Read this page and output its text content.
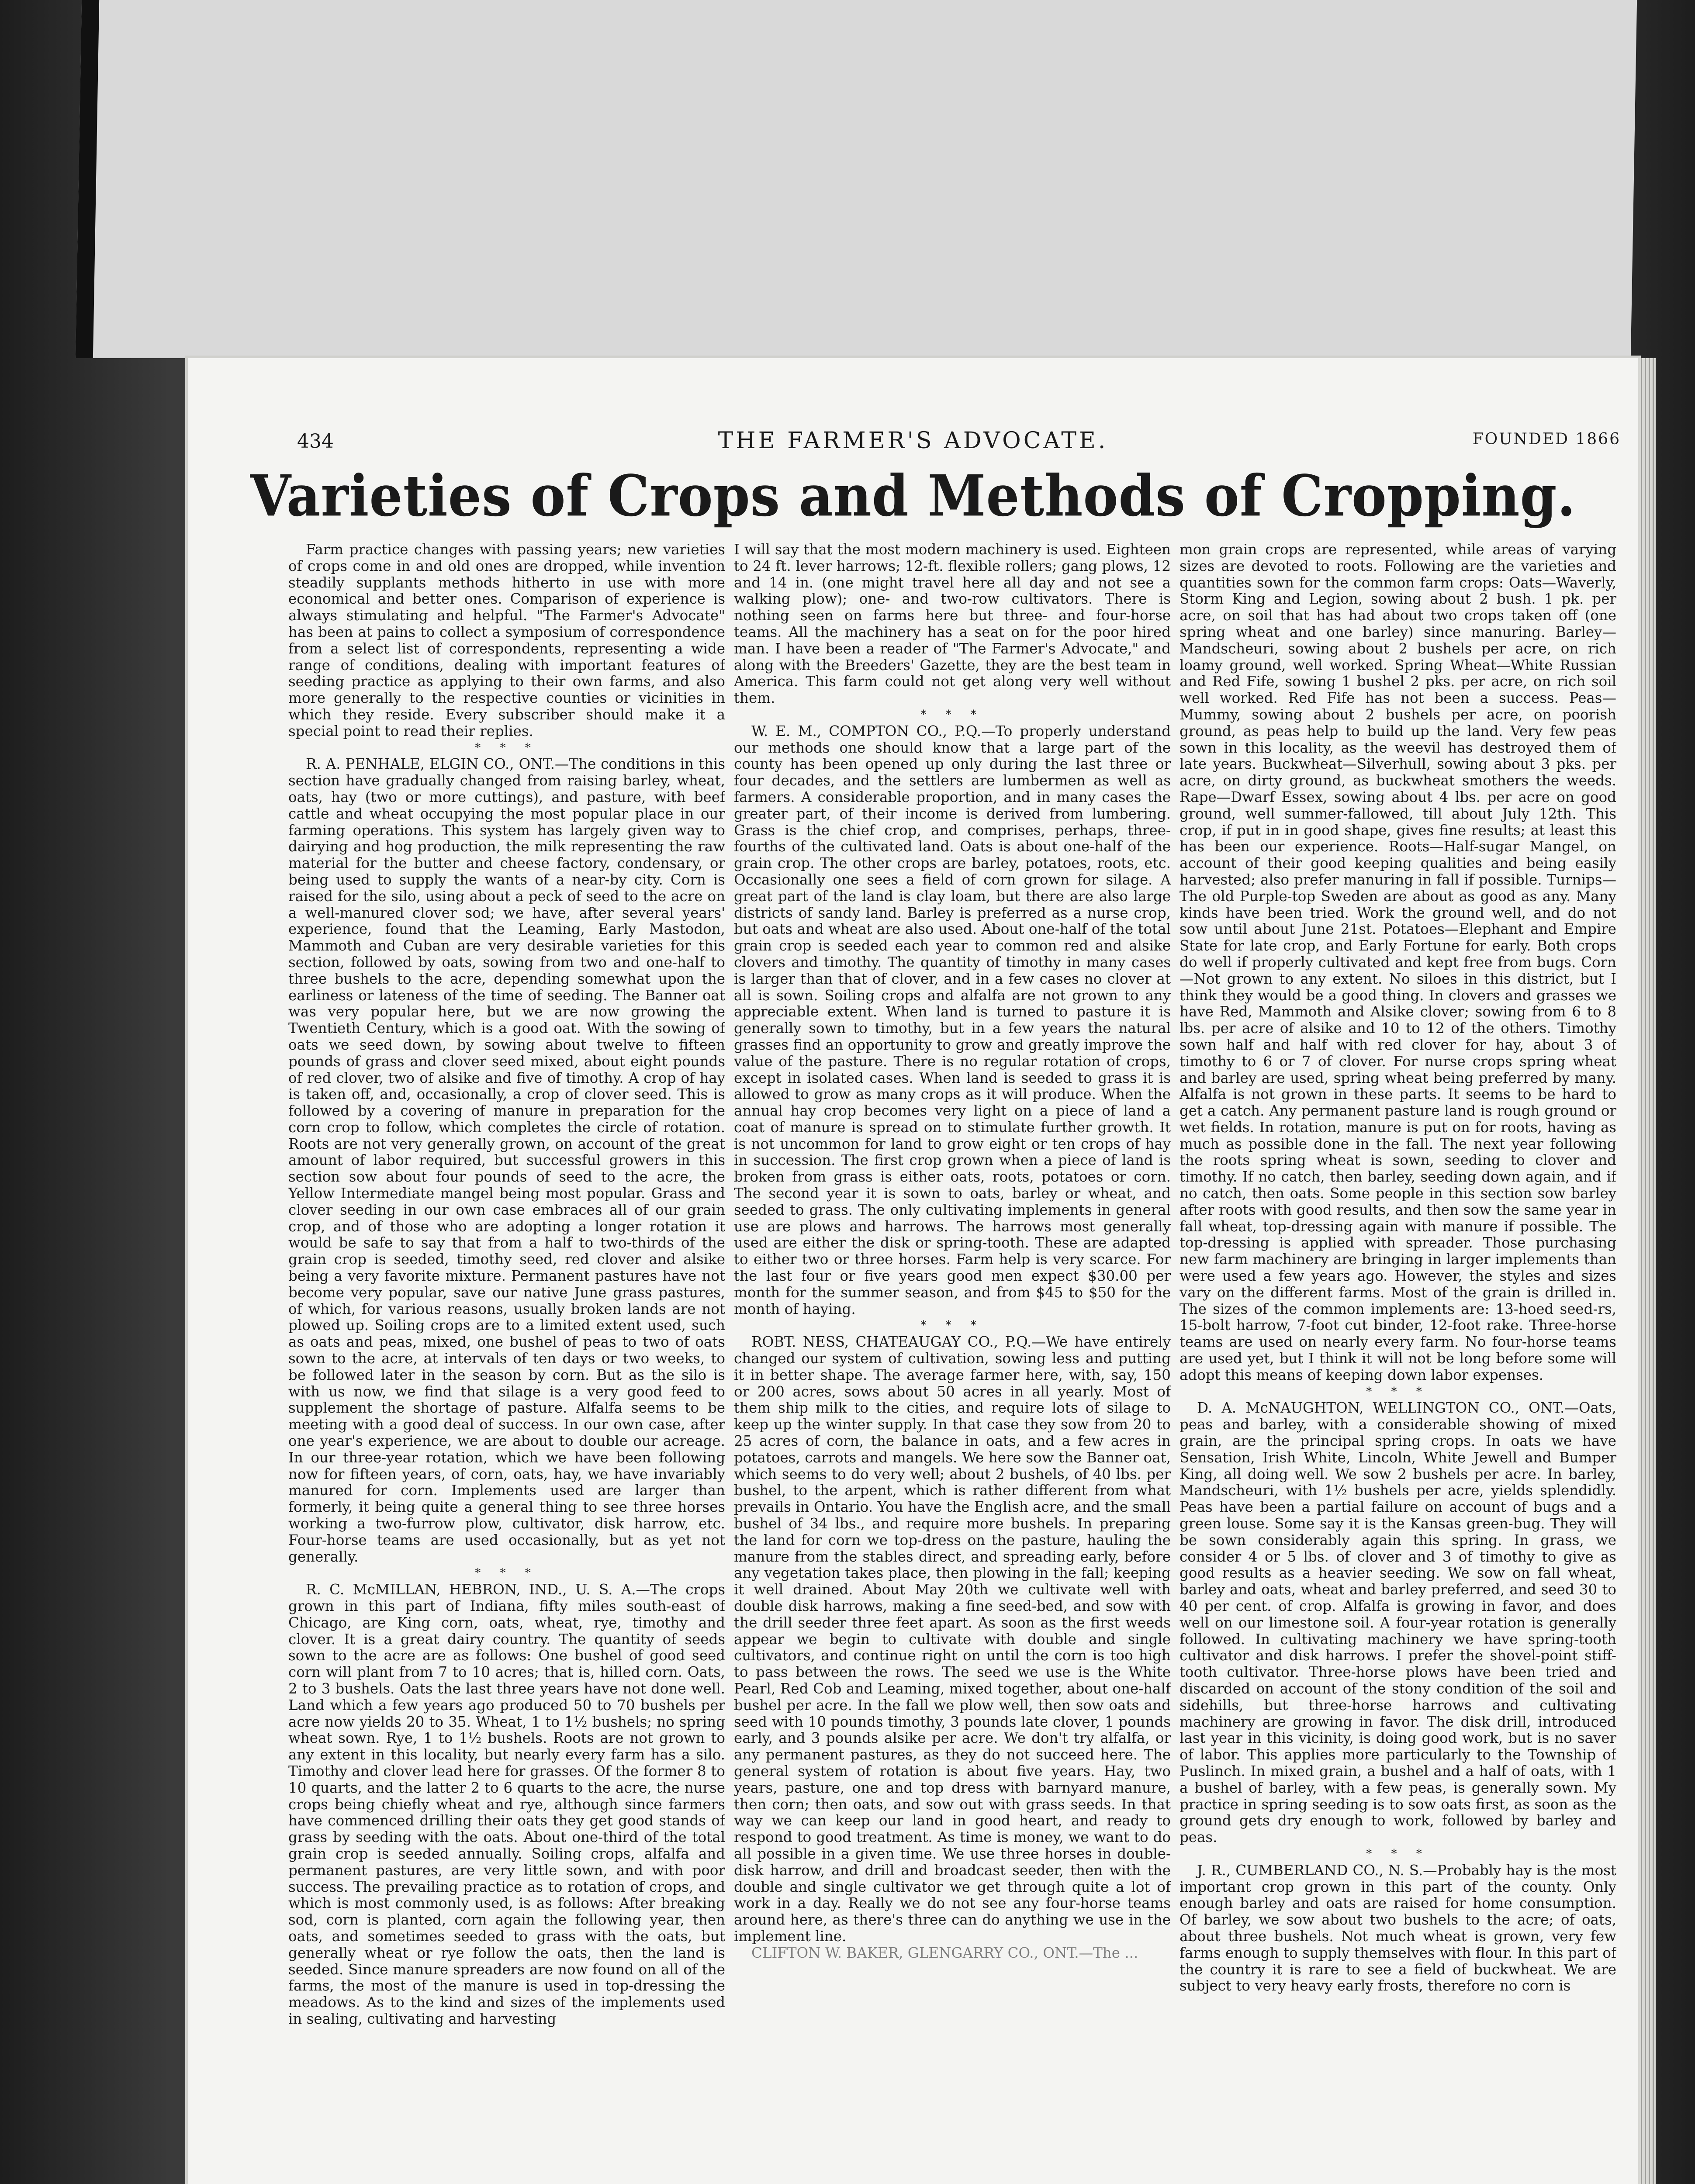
434	THE FARMER'S ADVOCATE.	FOUNDED 1866
Varieties of Crops and Methods of Cropping.

Farm practice changes with passing years; new varieties of crops come in and old ones are dropped, while invention steadily supplants methods hitherto in use with more economical and better ones. Comparison of experience is always stimulating and helpful. "The Farmer's Advocate" has been at pains to collect a symposium of correspondence from a select list of correspondents, representing a wide range of conditions, dealing with important features of seeding practice as applying to their own farms, and also more generally to the respective counties or vicinities in which they reside. Every subscriber should make it a special point to read their replies.

* * *

R. A. PENHALE, ELGIN CO., ONT.—The conditions in this section have gradually changed from raising barley, wheat, oats, hay (two or more cuttings), and pasture, with beef cattle and wheat occupying the most popular place in our farming operations. This system has largely given way to dairying and hog production, the milk representing the raw material for the butter and cheese factory, condensary, or being used to supply the wants of a near-by city. Corn is raised for the silo, using about a peck of seed to the acre on a well-manured clover sod; we have, after several years' experience, found that the Leaming, Early Mastodon, Mammoth and Cuban are very desirable varieties for this section, followed by oats, sowing from two and one-half to three bushels to the acre, depending somewhat upon the earliness or lateness of the time of seeding. The Banner oat was very popular here, but we are now growing the Twentieth Century, which is a good oat. With the sowing of oats we seed down, by sowing about twelve to fifteen pounds of grass and clover seed mixed, about eight pounds of red clover, two of alsike and five of timothy. A crop of hay is taken off, and, occasionally, a crop of clover seed. This is followed by a covering of manure in preparation for the corn crop to follow, which completes the circle of rotation. Roots are not very generally grown, on account of the great amount of labor required, but successful growers in this section sow about four pounds of seed to the acre, the Yellow Intermediate mangel being most popular. Grass and clover seeding in our own case embraces all of our grain crop, and of those who are adopting a longer rotation it would be safe to say that from a half to two-thirds of the grain crop is seeded, timothy seed, red clover and alsike being a very favorite mixture. Permanent pastures have not become very popular, save our native June grass pastures, of which, for various reasons, usually broken lands are not plowed up. Soiling crops are to a limited extent used, such as oats and peas, mixed, one bushel of peas to two of oats sown to the acre, at intervals of ten days or two weeks, to be followed later in the season by corn. But as the silo is with us now, we find that silage is a very good feed to supplement the shortage of pasture. Alfalfa seems to be meeting with a good deal of success. In our own case, after one year's experience, we are about to double our acreage. In our three-year rotation, which we have been following now for fifteen years, of corn, oats, hay, we have invariably manured for corn. Implements used are larger than formerly, it being quite a general thing to see three horses working a two-furrow plow, cultivator, disk harrow, etc. Four-horse teams are used occasionally, but as yet not generally.

* * *

R. C. McMILLAN, HEBRON, IND., U. S. A.—The crops grown in this part of Indiana, fifty miles south-east of Chicago, are King corn, oats, wheat, rye, timothy and clover. It is a great dairy country. The quantity of seeds sown to the acre are as follows: One bushel of good seed corn will plant from 7 to 10 acres; that is, hilled corn. Oats, 2 to 3 bushels. Oats the last three years have not done well. Land which a few years ago produced 50 to 70 bushels per acre now yields 20 to 35. Wheat, 1 to 1½ bushels; no spring wheat sown. Rye, 1 to 1½ bushels. Roots are not grown to any extent in this locality, but nearly every farm has a silo. Timothy and clover lead here for grasses. Of the former 8 to 10 quarts, and the latter 2 to 6 quarts to the acre, the nurse crops being chiefly wheat and rye, although since farmers have commenced drilling their oats they get good stands of grass by seeding with the oats. About one-third of the total grain crop is seeded annually. Soiling crops, alfalfa and permanent pastures, are very little sown, and with poor success. The prevailing practice as to rotation of crops, and which is most commonly used, is as follows: After breaking sod, corn is planted, corn again the following year, then oats, and sometimes seeded to grass with the oats, but generally wheat or rye follow the oats, then the land is seeded. Since manure spreaders are now found on all of the farms, the most of the manure is used in top-dressing the meadows. As to the kind and sizes of the implements used in sealing, cultivating and harvesting

I will say that the most modern machinery is used. Eighteen to 24 ft. lever harrows; 12-ft. flexible rollers; gang plows, 12 and 14 in. (one might travel here all day and not see a walking plow); one- and two-row cultivators. There is nothing seen on farms here but three- and four-horse teams. All the machinery has a seat on for the poor hired man. I have been a reader of "The Farmer's Advocate," and along with the Breeders' Gazette, they are the best team in America. This farm could not get along very well without them.

* * *

W. E. M., COMPTON CO., P.Q.—To properly understand our methods one should know that a large part of the county has been opened up only during the last three or four decades, and the settlers are lumbermen as well as farmers. A considerable proportion, and in many cases the greater part, of their income is derived from lumbering. Grass is the chief crop, and comprises, perhaps, three-fourths of the cultivated land. Oats is about one-half of the grain crop. The other crops are barley, potatoes, roots, etc. Occasionally one sees a field of corn grown for silage. A great part of the land is clay loam, but there are also large districts of sandy land. Barley is preferred as a nurse crop, but oats and wheat are also used. About one-half of the total grain crop is seeded each year to common red and alsike clovers and timothy. The quantity of timothy in many cases is larger than that of clover, and in a few cases no clover at all is sown. Soiling crops and alfalfa are not grown to any appreciable extent. When land is turned to pasture it is generally sown to timothy, but in a few years the natural grasses find an opportunity to grow and greatly improve the value of the pasture. There is no regular rotation of crops, except in isolated cases. When land is seeded to grass it is allowed to grow as many crops as it will produce. When the annual hay crop becomes very light on a piece of land a coat of manure is spread on to stimulate further growth. It is not uncommon for land to grow eight or ten crops of hay in succession. The first crop grown when a piece of land is broken from grass is either oats, roots, potatoes or corn. The second year it is sown to oats, barley or wheat, and seeded to grass. The only cultivating implements in general use are plows and harrows. The harrows most generally used are either the disk or spring-tooth. These are adapted to either two or three horses. Farm help is very scarce. For the last four or five years good men expect $30.00 per month for the summer season, and from $45 to $50 for the month of haying.

* * *

ROBT. NESS, CHATEAUGAY CO., P.Q.—We have entirely changed our system of cultivation, sowing less and putting it in better shape. The average farmer here, with, say, 150 or 200 acres, sows about 50 acres in all yearly. Most of them ship milk to the cities, and require lots of silage to keep up the winter supply. In that case they sow from 20 to 25 acres of corn, the balance in oats, and a few acres in potatoes, carrots and mangels. We here sow the Banner oat, which seems to do very well; about 2 bushels, of 40 lbs. per bushel, to the arpent, which is rather different from what prevails in Ontario. You have the English acre, and the small bushel of 34 lbs., and require more bushels. In preparing the land for corn we top-dress on the pasture, hauling the manure from the stables direct, and spreading early, before any vegetation takes place, then plowing in the fall; keeping it well drained. About May 20th we cultivate well with double disk harrows, making a fine seed-bed, and sow with the drill seeder three feet apart. As soon as the first weeds appear we begin to cultivate with double and single cultivators, and continue right on until the corn is too high to pass between the rows. The seed we use is the White Pearl, Red Cob and Leaming, mixed together, about one-half bushel per acre. In the fall we plow well, then sow oats and seed with 10 pounds timothy, 3 pounds late clover, 1 pounds early, and 3 pounds alsike per acre. We don't try alfalfa, or any permanent pastures, as they do not succeed here. The general system of rotation is about five years. Hay, two years, pasture, one and top dress with barnyard manure, then corn; then oats, and sow out with grass seeds. In that way we can keep our land in good heart, and ready to respond to good treatment. As time is money, we want to do all possible in a given time. We use three horses in double-disk harrow, and drill and broadcast seeder, then with the double and single cultivator we get through quite a lot of work in a day. Really we do not see any four-horse teams around here, as there's three can do anything we use in the implement line.

CLIFTON W. BAKER, GLENGARRY CO., ONT.—The ...

mon grain crops are represented, while areas of varying sizes are devoted to roots. Following are the varieties and quantities sown for the common farm crops: Oats—Waverly, Storm King and Legion, sowing about 2 bush. 1 pk. per acre, on soil that has had about two crops taken off (one spring wheat and one barley) since manuring. Barley—Mandscheuri, sowing about 2 bushels per acre, on rich loamy ground, well worked. Spring Wheat—White Russian and Red Fife, sowing 1 bushel 2 pks. per acre, on rich soil well worked. Red Fife has not been a success. Peas—Mummy, sowing about 2 bushels per acre, on poorish ground, as peas help to build up the land. Very few peas sown in this locality, as the weevil has destroyed them of late years. Buckwheat—Silverhull, sowing about 3 pks. per acre, on dirty ground, as buckwheat smothers the weeds. Rape—Dwarf Essex, sowing about 4 lbs. per acre on good ground, well summer-fallowed, till about July 12th. This crop, if put in in good shape, gives fine results; at least this has been our experience. Roots—Half-sugar Mangel, on account of their good keeping qualities and being easily harvested; also prefer manuring in fall if possible. Turnips—The old Purple-top Sweden are about as good as any. Many kinds have been tried. Work the ground well, and do not sow until about June 21st. Potatoes—Elephant and Empire State for late crop, and Early Fortune for early. Both crops do well if properly cultivated and kept free from bugs. Corn—Not grown to any extent. No siloes in this district, but I think they would be a good thing. In clovers and grasses we have Red, Mammoth and Alsike clover; sowing from 6 to 8 lbs. per acre of alsike and 10 to 12 of the others. Timothy sown half and half with red clover for hay, about 3 of timothy to 6 or 7 of clover. For nurse crops spring wheat and barley are used, spring wheat being preferred by many. Alfalfa is not grown in these parts. It seems to be hard to get a catch. Any permanent pasture land is rough ground or wet fields. In rotation, manure is put on for roots, having as much as possible done in the fall. The next year following the roots spring wheat is sown, seeding to clover and timothy. If no catch, then barley, seeding down again, and if no catch, then oats. Some people in this section sow barley after roots with good results, and then sow the same year in fall wheat, top-dressing again with manure if possible. The top-dressing is applied with spreader. Those purchasing new farm machinery are bringing in larger implements than were used a few years ago. However, the styles and sizes vary on the different farms. Most of the grain is drilled in. The sizes of the common implements are: 13-hoed seed-rs, 15-bolt harrow, 7-foot cut binder, 12-foot rake. Three-horse teams are used on nearly every farm. No four-horse teams are used yet, but I think it will not be long before some will adopt this means of keeping down labor expenses.

* * *

D. A. McNAUGHTON, WELLINGTON CO., ONT.—Oats, peas and barley, with a considerable showing of mixed grain, are the principal spring crops. In oats we have Sensation, Irish White, Lincoln, White Jewell and Bumper King, all doing well. We sow 2 bushels per acre. In barley, Mandscheuri, with 1½ bushels per acre, yields splendidly. Peas have been a partial failure on account of bugs and a green louse. Some say it is the Kansas green-bug. They will be sown considerably again this spring. In grass, we consider 4 or 5 lbs. of clover and 3 of timothy to give as good results as a heavier seeding. We sow on fall wheat, barley and oats, wheat and barley preferred, and seed 30 to 40 per cent. of crop. Alfalfa is growing in favor, and does well on our limestone soil. A four-year rotation is generally followed. In cultivating machinery we have spring-tooth cultivator and disk harrows. I prefer the shovel-point stiff-tooth cultivator. Three-horse plows have been tried and discarded on account of the stony condition of the soil and sidehills, but three-horse harrows and cultivating machinery are growing in favor. The disk drill, introduced last year in this vicinity, is doing good work, but is no saver of labor. This applies more particularly to the Township of Puslinch. In mixed grain, a bushel and a half of oats, with 1 a bushel of barley, with a few peas, is generally sown. My practice in spring seeding is to sow oats first, as soon as the ground gets dry enough to work, followed by barley and peas.

* * *

J. R., CUMBERLAND CO., N. S.—Probably hay is the most important crop grown in this part of the county. Only enough barley and oats are raised for home consumption. Of barley, we sow about two bushels to the acre; of oats, about three bushels. Not much wheat is grown, very few farms enough to supply themselves with flour. In this part of the country it is rare to see a field of buckwheat. We are subject to very heavy early frosts, therefore no corn is
